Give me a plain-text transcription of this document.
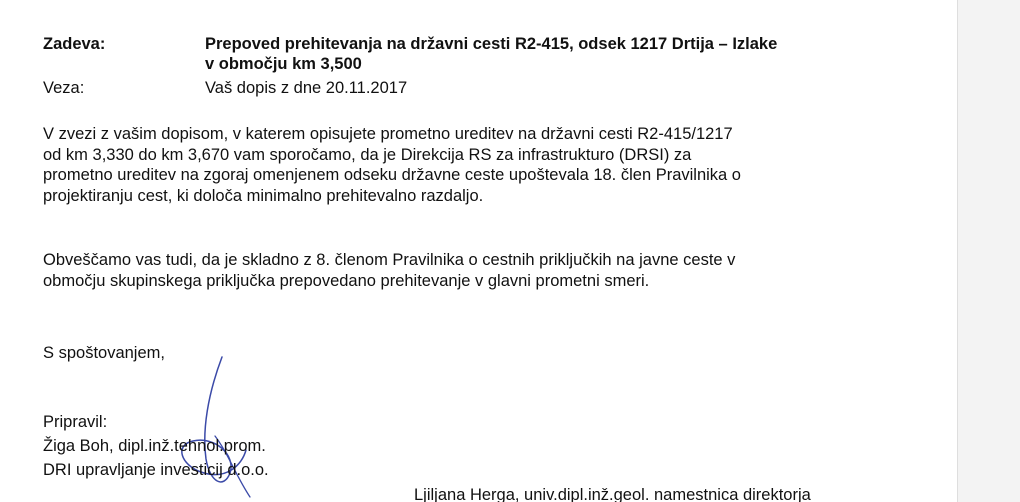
Zadeva:	Prepoved prehitevanja na državni cesti R2-415, odsek 1217 Drtija – Izlake
v območju km 3,500
Veza:	Vaš dopis z dne 20.11.2017
V zvezi z vašim dopisom, v katerem opisujete prometno ureditev na državni cesti R2-415/1217
od km 3,330 do km 3,670 vam sporočamo, da je Direkcija RS za infrastrukturo (DRSI) za
prometno ureditev na zgoraj omenjenem odseku državne ceste upoštevala 18. člen Pravilnika o
projektiranju cest, ki določa minimalno prehitevalno razdaljo.
Obveščamo vas tudi, da je skladno z 8. členom Pravilnika o cestnih priključkih na javne ceste v
območju skupinskega priključka prepovedano prehitevanje v glavni prometni smeri.
S spoštovanjem,
Pripravil:
Žiga Boh, dipl.inž.tehnol.prom.
DRI upravljanje investicij d.o.o.
Ljiljana Herga, univ.dipl.inž.geol. namestnica direktorja
